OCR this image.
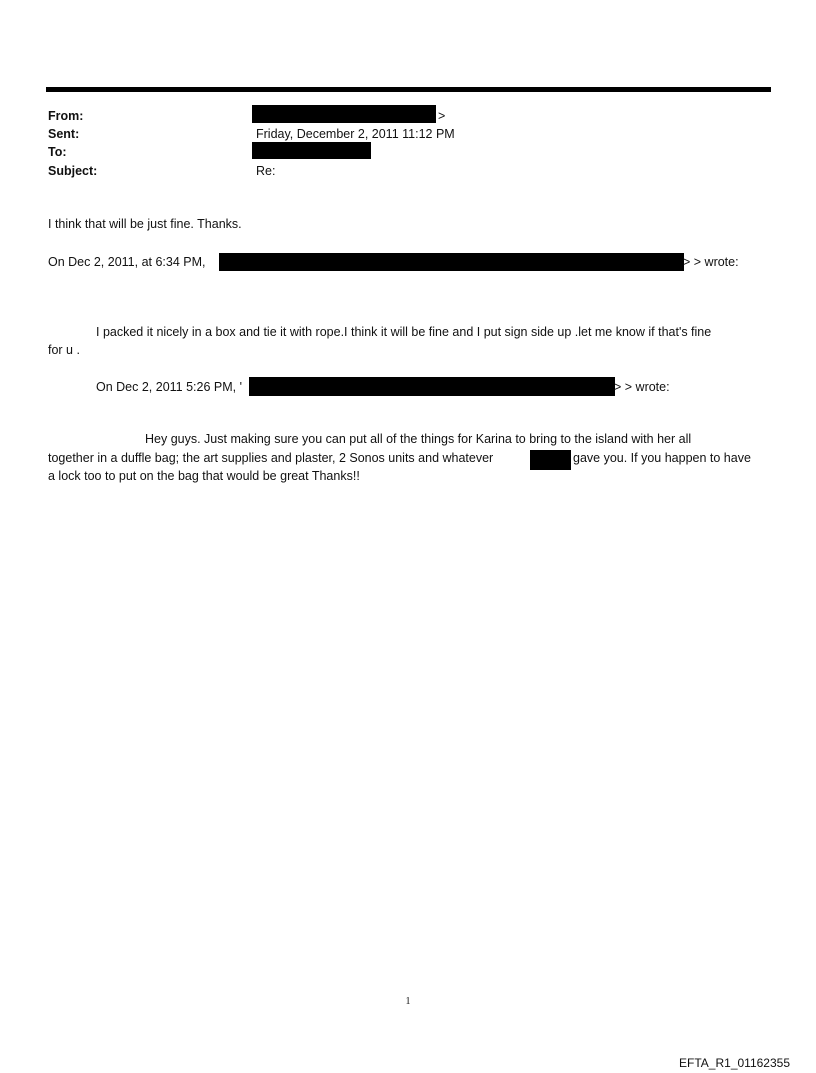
From:	>
Sent:	Friday, December 2, 2011 11:12 PM
To:
Subject:	Re:
I think that will be just fine. Thanks.
On Dec 2, 2011, at 6:34 PM,	> > wrote:
I packed it nicely in a box and tie it with rope.I think it will be fine and I put sign side up .let me know if that's fine
for u .
On Dec 2, 2011 5:26 PM, '	> > wrote:
Hey guys. Just making sure you can put all of the things for Karina to bring to the island with her all
together in a duffle bag; the art supplies and plaster, 2 Sonos units and whatever	gave you. If you happen to have
a lock too to put on the bag that would be great Thanks!!
1
EFTA_R1_01162355
